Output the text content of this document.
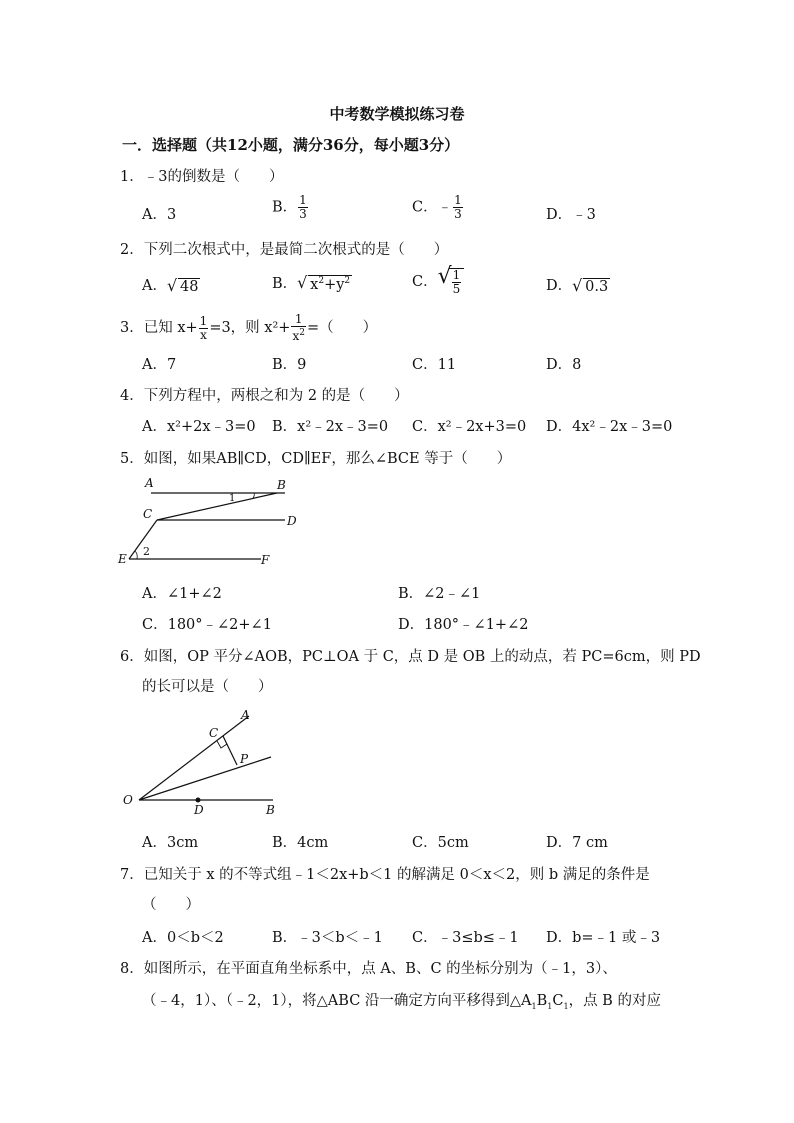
中考数学模拟练习卷
一．选择题（共12小题，满分36分，每小题3分）
1．﹣3的倒数是（　　）
A．3	B． $\frac{1}{3}$	C．﹣ $\frac{1}{3}$	D．﹣3
2．下列二次根式中，是最简二次根式的是（　　）
A． √ 48	B． √ $x^2+y^2$	C． √ $\frac{1}{5}$	D． √ 0.3
3．已知 $x+ \frac{1}{x} =3$，则 $x^2+ \frac{1}{x^2}$ =（　　）
A．7	B．9	C．11	D．8
4．下列方程中，两根之和为 2 的是（　　）
A．x²+2x﹣3=0 B．x²﹣2x﹣3=0 C．x²﹣2x+3=0 D．4x²﹣2x﹣3=0
5．如图，如果AB∥CD，CD∥EF，那么∠BCE 等于（　　）
A	B
C	D
E	F
1
2
A．∠1+∠2	B．∠2﹣∠1
C．180°﹣∠2+∠1	D．180°﹣∠1+∠2
6．如图，OP 平分∠AOB，PC⊥OA 于 C，点 D 是 OB 上的动点，若 PC=6cm，则 PD
的长可以是（　　）
A
C
P
O
D	B
A．3cm	B．4cm	C．5cm	D．7 cm
7．已知关于 x 的不等式组﹣1＜2x+b＜1 的解满足 0＜x＜2，则 b 满足的条件是
（　　）
A．0＜b＜2	B．﹣3＜b＜﹣1 C．﹣3≤b≤﹣1 D．b=﹣1 或﹣3
8．如图所示，在平面直角坐标系中，点 A、B、C 的坐标分别为（﹣1，3）、
（﹣4，1）、（﹣2，1），将△ABC 沿一确定方向平移得到$\triangle A_1B_1C_1$，点 B 的对应
